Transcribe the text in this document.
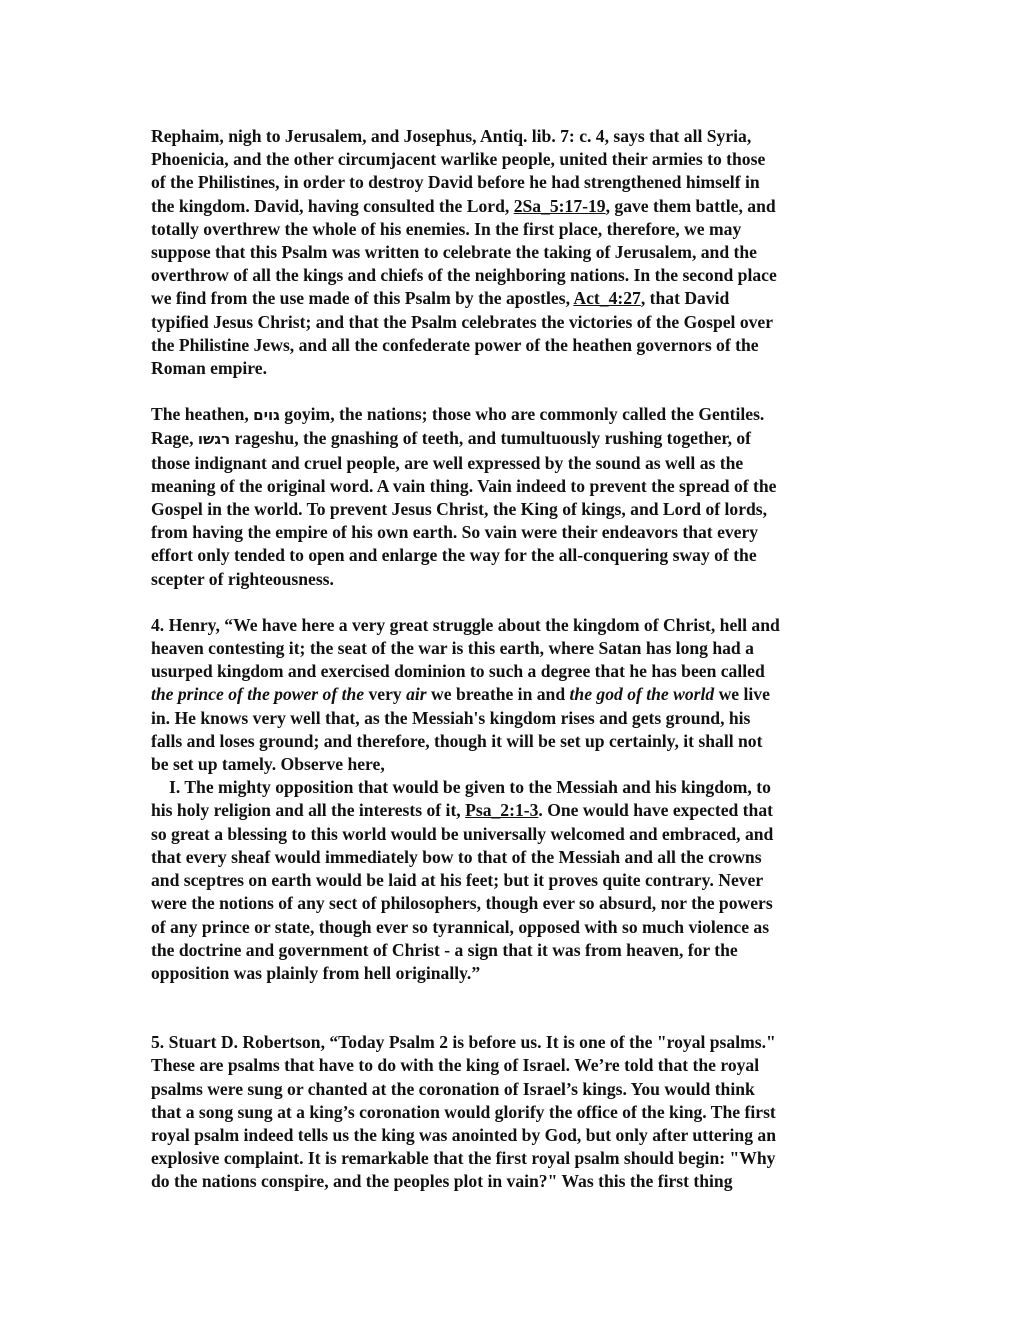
Rephaim, nigh to Jerusalem, and Josephus, Antiq. lib. 7: c. 4, says that all Syria,
Phoenicia, and the other circumjacent warlike people, united their armies to those
of the Philistines, in order to destroy David before he had strengthened himself in
the kingdom. David, having consulted the Lord, 2Sa_5:17-19, gave them battle, and
totally overthrew the whole of his enemies. In the first place, therefore, we may
suppose that this Psalm was written to celebrate the taking of Jerusalem, and the
overthrow of all the kings and chiefs of the neighboring nations. In the second place
we find from the use made of this Psalm by the apostles, Act_4:27, that David
typified Jesus Christ; and that the Psalm celebrates the victories of the Gospel over
the Philistine Jews, and all the confederate power of the heathen governors of the
Roman empire.
The heathen, גוים goyim, the nations; those who are commonly called the Gentiles.
Rage, רגשו rageshu, the gnashing of teeth, and tumultuously rushing together, of
those indignant and cruel people, are well expressed by the sound as well as the
meaning of the original word. A vain thing. Vain indeed to prevent the spread of the
Gospel in the world. To prevent Jesus Christ, the King of kings, and Lord of lords,
from having the empire of his own earth. So vain were their endeavors that every
effort only tended to open and enlarge the way for the all-conquering sway of the
scepter of righteousness.
4. Henry, “We have here a very great struggle about the kingdom of Christ, hell and
heaven contesting it; the seat of the war is this earth, where Satan has long had a
usurped kingdom and exercised dominion to such a degree that he has been called
the prince of the power of the very air we breathe in and the god of the world we live
in. He knows very well that, as the Messiah's kingdom rises and gets ground, his
falls and loses ground; and therefore, though it will be set up certainly, it shall not
be set up tamely. Observe here,
I. The mighty opposition that would be given to the Messiah and his kingdom, to
his holy religion and all the interests of it, Psa_2:1-3. One would have expected that
so great a blessing to this world would be universally welcomed and embraced, and
that every sheaf would immediately bow to that of the Messiah and all the crowns
and sceptres on earth would be laid at his feet; but it proves quite contrary. Never
were the notions of any sect of philosophers, though ever so absurd, nor the powers
of any prince or state, though ever so tyrannical, opposed with so much violence as
the doctrine and government of Christ - a sign that it was from heaven, for the
opposition was plainly from hell originally.”
5. Stuart D. Robertson, “Today Psalm 2 is before us. It is one of the "royal psalms."
These are psalms that have to do with the king of Israel. We’re told that the royal
psalms were sung or chanted at the coronation of Israel’s kings. You would think
that a song sung at a king’s coronation would glorify the office of the king. The first
royal psalm indeed tells us the king was anointed by God, but only after uttering an
explosive complaint. It is remarkable that the first royal psalm should begin: "Why
do the nations conspire, and the peoples plot in vain?" Was this the first thing
